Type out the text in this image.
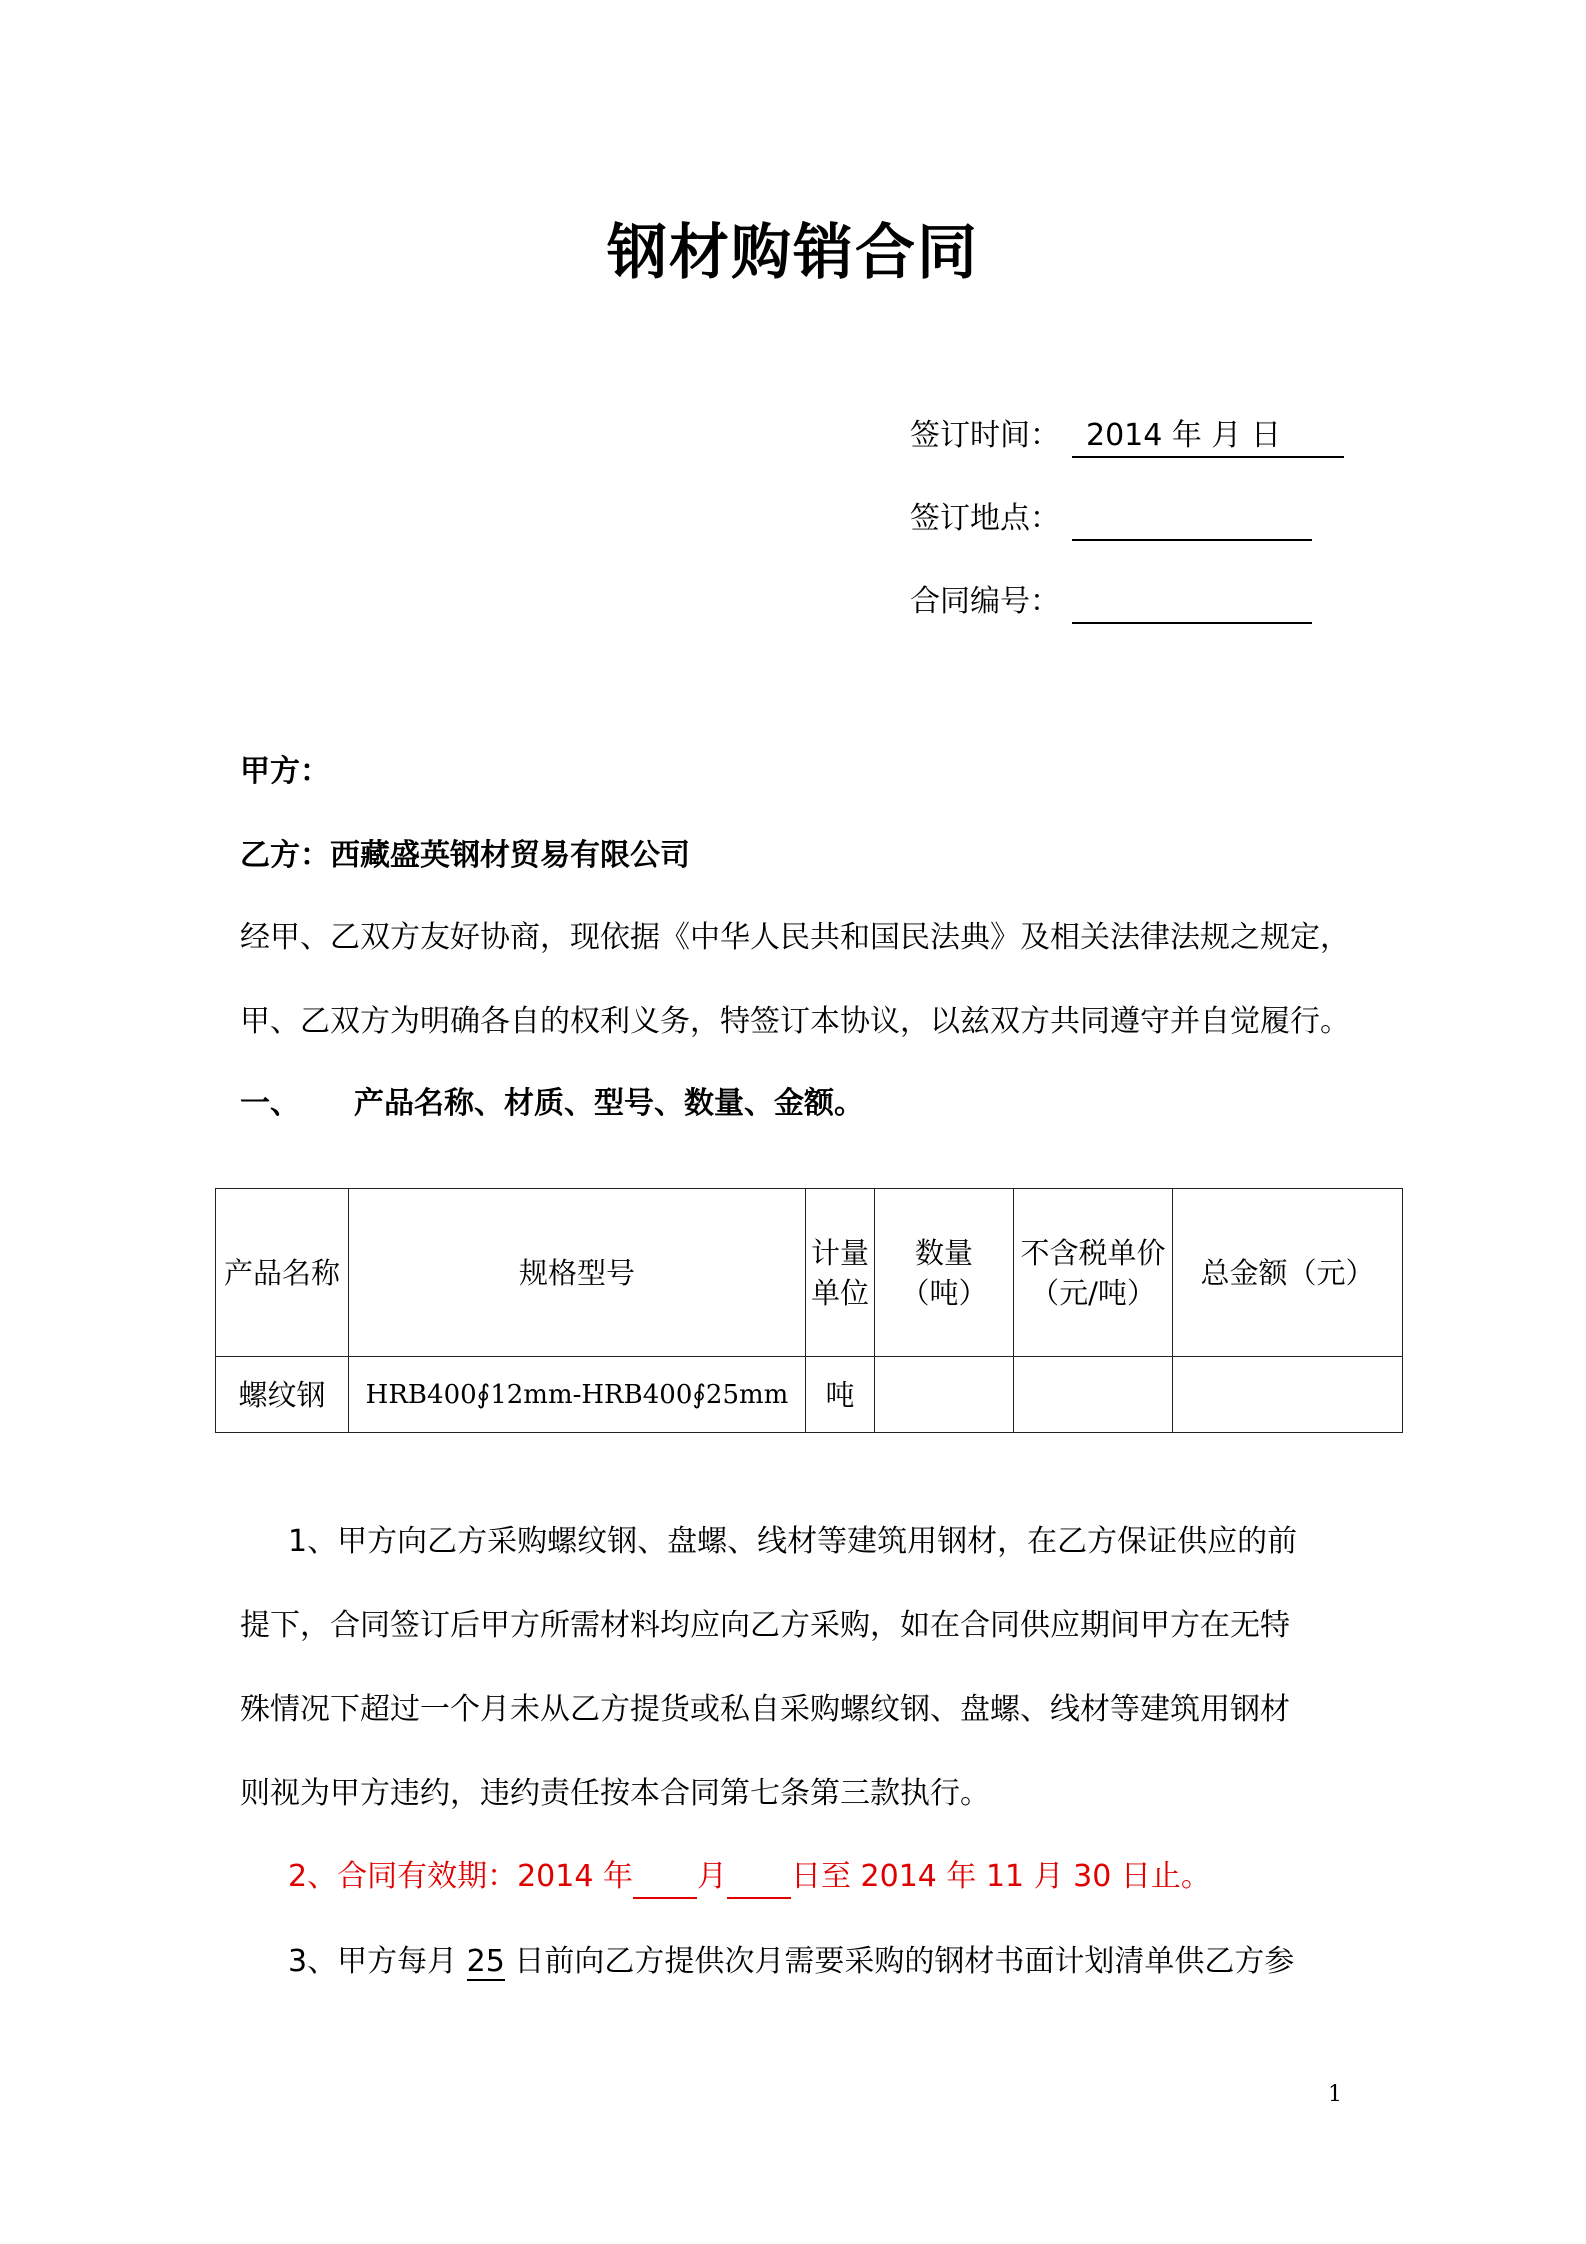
钢材购销合同
签订时间： 2014 年 月 日
签订地点：
合同编号：
甲方：
乙方：西藏盛英钢材贸易有限公司
经甲、乙双方友好协商，现依据《中华人民共和国民法典》及相关法律法规之规定，
甲、乙双方为明确各自的权利义务，特签订本协议，以兹双方共同遵守并自觉履行。
一、 产品名称、材质、型号、数量、金额。
产品名称	规格型号	计量单位	数量（吨）	不含税单价（元/吨）	总金额（元）
螺纹钢	HRB400∮12mm-HRB400∮25mm	吨			
1、甲方向乙方采购螺纹钢、盘螺、线材等建筑用钢材，在乙方保证供应的前
提下，合同签订后甲方所需材料均应向乙方采购，如在合同供应期间甲方在无特
殊情况下超过一个月未从乙方提货或私自采购螺纹钢、盘螺、线材等建筑用钢材
则视为甲方违约，违约责任按本合同第七条第三款执行。
2、合同有效期：2014 年 月 日至 2014 年 11 月 30 日止。
3、甲方每月 25 日前向乙方提供次月需要采购的钢材书面计划清单供乙方参
1
